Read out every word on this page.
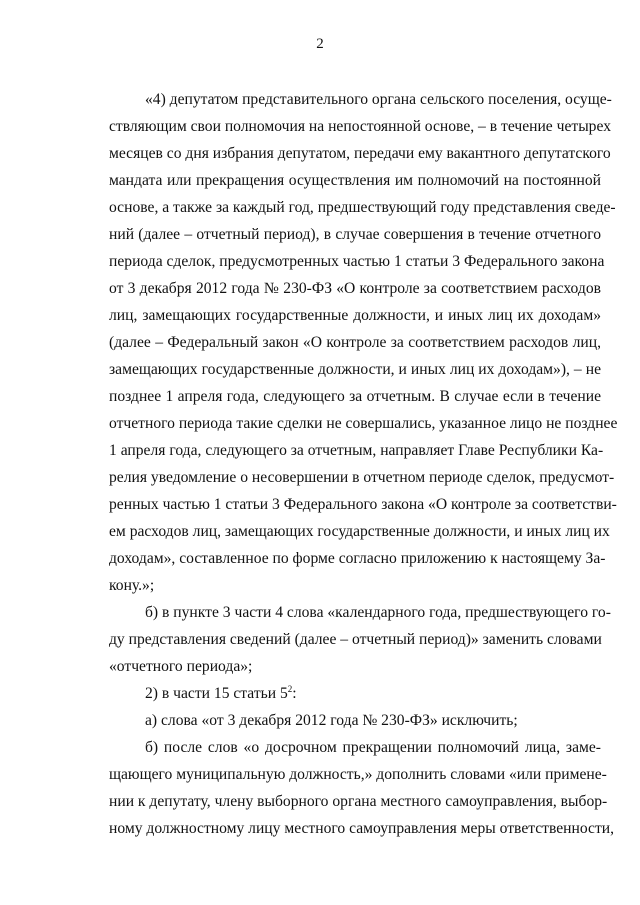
2
«4) депутатом представительного органа сельского поселения, осуще-
ствляющим свои полномочия на непостоянной основе, – в течение четырех
месяцев со дня избрания депутатом, передачи ему вакантного депутатского
мандата или прекращения осуществления им полномочий на постоянной
основе, а также за каждый год, предшествующий году представления сведе-
ний (далее – отчетный период), в случае совершения в течение отчетного
периода сделок, предусмотренных частью 1 статьи 3 Федерального закона
от 3 декабря 2012 года № 230-ФЗ «О контроле за соответствием расходов
лиц, замещающих государственные должности, и иных лиц их доходам»
(далее – Федеральный закон «О контроле за соответствием расходов лиц,
замещающих государственные должности, и иных лиц их доходам»), – не
позднее 1 апреля года, следующего за отчетным. В случае если в течение
отчетного периода такие сделки не совершались, указанное лицо не позднее
1 апреля года, следующего за отчетным, направляет Главе Республики Ка-
релия уведомление о несовершении в отчетном периоде сделок, предусмот-
ренных частью 1 статьи 3 Федерального закона «О контроле за соответстви-
ем расходов лиц, замещающих государственные должности, и иных лиц их
доходам», составленное по форме согласно приложению к настоящему За-
кону.»;
б) в пункте 3 части 4 слова «календарного года, предшествующего го-
ду представления сведений (далее – отчетный период)» заменить словами
«отчетного периода»;
2) в части 15 статьи $5^2$:
а) слова «от 3 декабря 2012 года № 230-ФЗ» исключить;
б) после слов «о досрочном прекращении полномочий лица, заме-
щающего муниципальную должность,» дополнить словами «или примене-
нии к депутату, члену выборного органа местного самоуправления, выбор-
ному должностному лицу местного самоуправления меры ответственности,
